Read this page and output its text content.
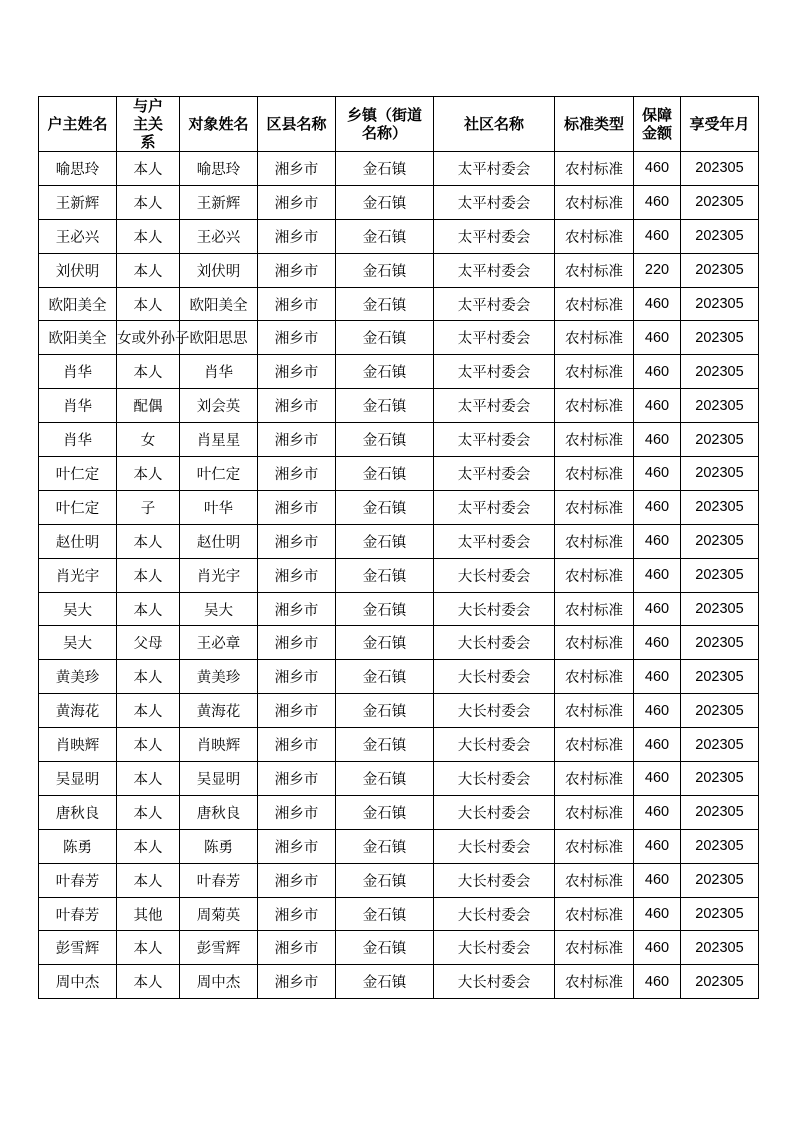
户主姓名	与户主关系	对象姓名	区县名称	乡镇（街道名称）	社区名称	标准类型	保障金额	享受年月
喻思玲	本人	喻思玲	湘乡市	金石镇	太平村委会	农村标准	460	202305
王新辉	本人	王新辉	湘乡市	金石镇	太平村委会	农村标准	460	202305
王必兴	本人	王必兴	湘乡市	金石镇	太平村委会	农村标准	460	202305
刘伏明	本人	刘伏明	湘乡市	金石镇	太平村委会	农村标准	220	202305
欧阳美全	本人	欧阳美全	湘乡市	金石镇	太平村委会	农村标准	460	202305
欧阳美全	女或外孙子	欧阳思思	湘乡市	金石镇	太平村委会	农村标准	460	202305
肖华	本人	肖华	湘乡市	金石镇	太平村委会	农村标准	460	202305
肖华	配偶	刘会英	湘乡市	金石镇	太平村委会	农村标准	460	202305
肖华	女	肖星星	湘乡市	金石镇	太平村委会	农村标准	460	202305
叶仁定	本人	叶仁定	湘乡市	金石镇	太平村委会	农村标准	460	202305
叶仁定	子	叶华	湘乡市	金石镇	太平村委会	农村标准	460	202305
赵仕明	本人	赵仕明	湘乡市	金石镇	太平村委会	农村标准	460	202305
肖光宇	本人	肖光宇	湘乡市	金石镇	大长村委会	农村标准	460	202305
吴大	本人	吴大	湘乡市	金石镇	大长村委会	农村标准	460	202305
吴大	父母	王必章	湘乡市	金石镇	大长村委会	农村标准	460	202305
黄美珍	本人	黄美珍	湘乡市	金石镇	大长村委会	农村标准	460	202305
黄海花	本人	黄海花	湘乡市	金石镇	大长村委会	农村标准	460	202305
肖映辉	本人	肖映辉	湘乡市	金石镇	大长村委会	农村标准	460	202305
吴显明	本人	吴显明	湘乡市	金石镇	大长村委会	农村标准	460	202305
唐秋良	本人	唐秋良	湘乡市	金石镇	大长村委会	农村标准	460	202305
陈勇	本人	陈勇	湘乡市	金石镇	大长村委会	农村标准	460	202305
叶春芳	本人	叶春芳	湘乡市	金石镇	大长村委会	农村标准	460	202305
叶春芳	其他	周菊英	湘乡市	金石镇	大长村委会	农村标准	460	202305
彭雪辉	本人	彭雪辉	湘乡市	金石镇	大长村委会	农村标准	460	202305
周中杰	本人	周中杰	湘乡市	金石镇	大长村委会	农村标准	460	202305
